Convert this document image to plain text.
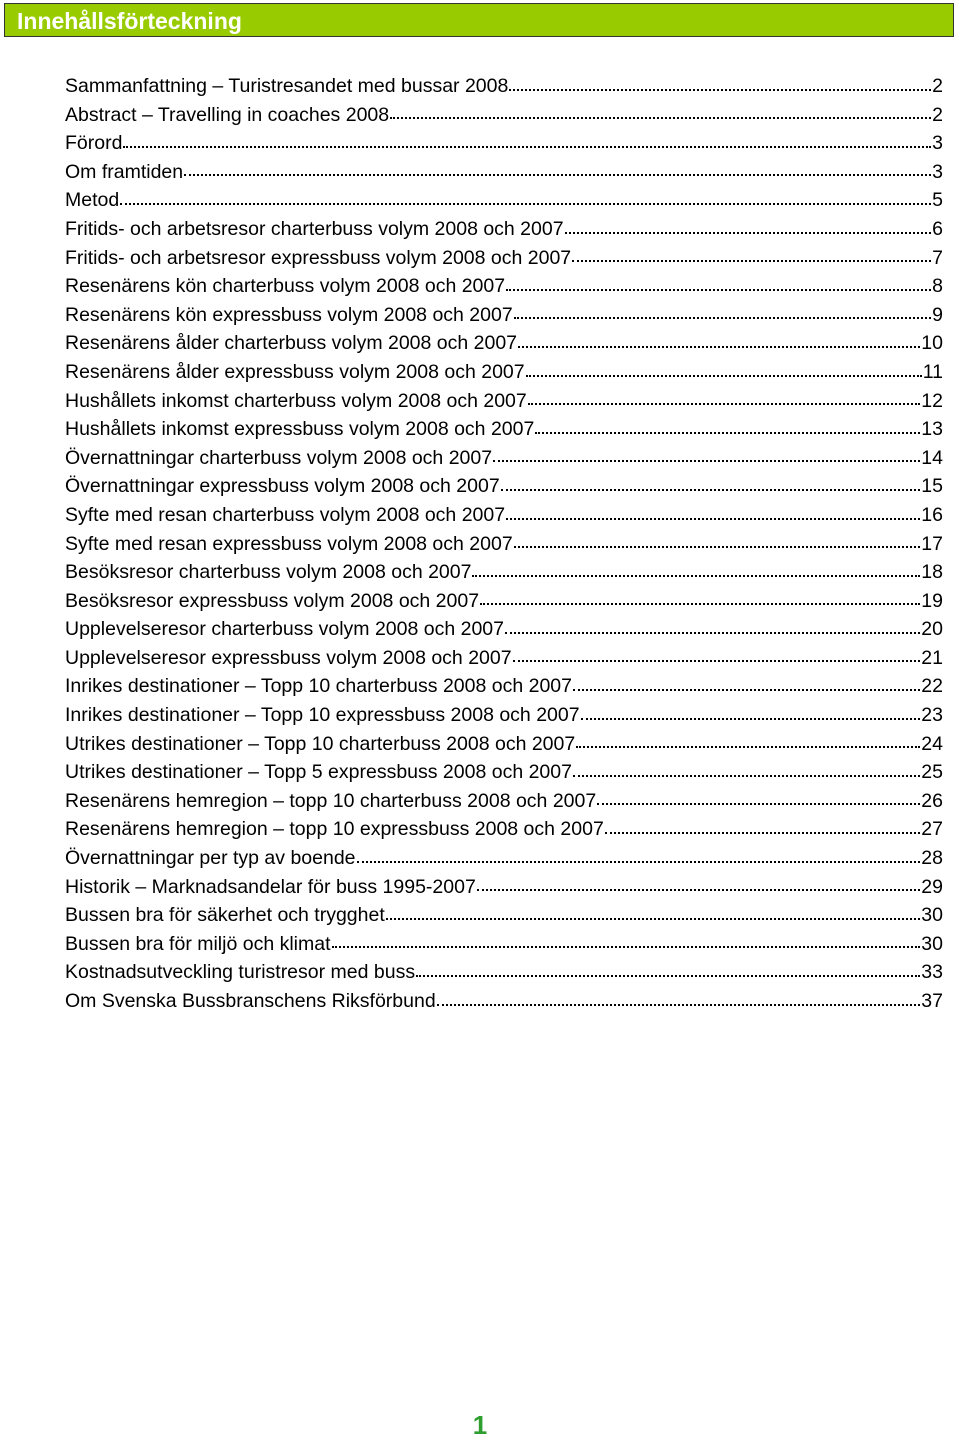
Innehållsförteckning
Sammanfattning – Turistresandet med bussar 2008	2
Abstract – Travelling in coaches 2008	2
Förord	3
Om framtiden	3
Metod	5
Fritids- och arbetsresor charterbuss volym 2008 och 2007	6
Fritids- och arbetsresor expressbuss volym 2008 och 2007	7
Resenärens kön charterbuss volym 2008 och 2007	8
Resenärens kön expressbuss volym 2008 och 2007	9
Resenärens ålder charterbuss volym 2008 och 2007	10
Resenärens ålder expressbuss volym 2008 och 2007	11
Hushållets inkomst charterbuss volym 2008 och 2007	12
Hushållets inkomst expressbuss volym 2008 och 2007	13
Övernattningar charterbuss volym 2008 och 2007	14
Övernattningar expressbuss volym 2008 och 2007	15
Syfte med resan charterbuss volym 2008 och 2007	16
Syfte med resan expressbuss volym 2008 och 2007	17
Besöksresor charterbuss volym 2008 och 2007	18
Besöksresor expressbuss volym 2008 och 2007	19
Upplevelseresor charterbuss volym 2008 och 2007	20
Upplevelseresor expressbuss volym 2008 och 2007	21
Inrikes destinationer – Topp 10 charterbuss 2008 och 2007	22
Inrikes destinationer – Topp 10 expressbuss 2008 och 2007	23
Utrikes destinationer – Topp 10 charterbuss 2008 och 2007	24
Utrikes destinationer – Topp 5 expressbuss 2008 och 2007	25
Resenärens hemregion – topp 10 charterbuss 2008 och 2007	26
Resenärens hemregion – topp 10 expressbuss 2008 och 2007	27
Övernattningar per typ av boende	28
Historik – Marknadsandelar för buss 1995-2007	29
Bussen bra för säkerhet och trygghet	30
Bussen bra för miljö och klimat	30
Kostnadsutveckling turistresor med buss	33
Om Svenska Bussbranschens Riksförbund	37
1
